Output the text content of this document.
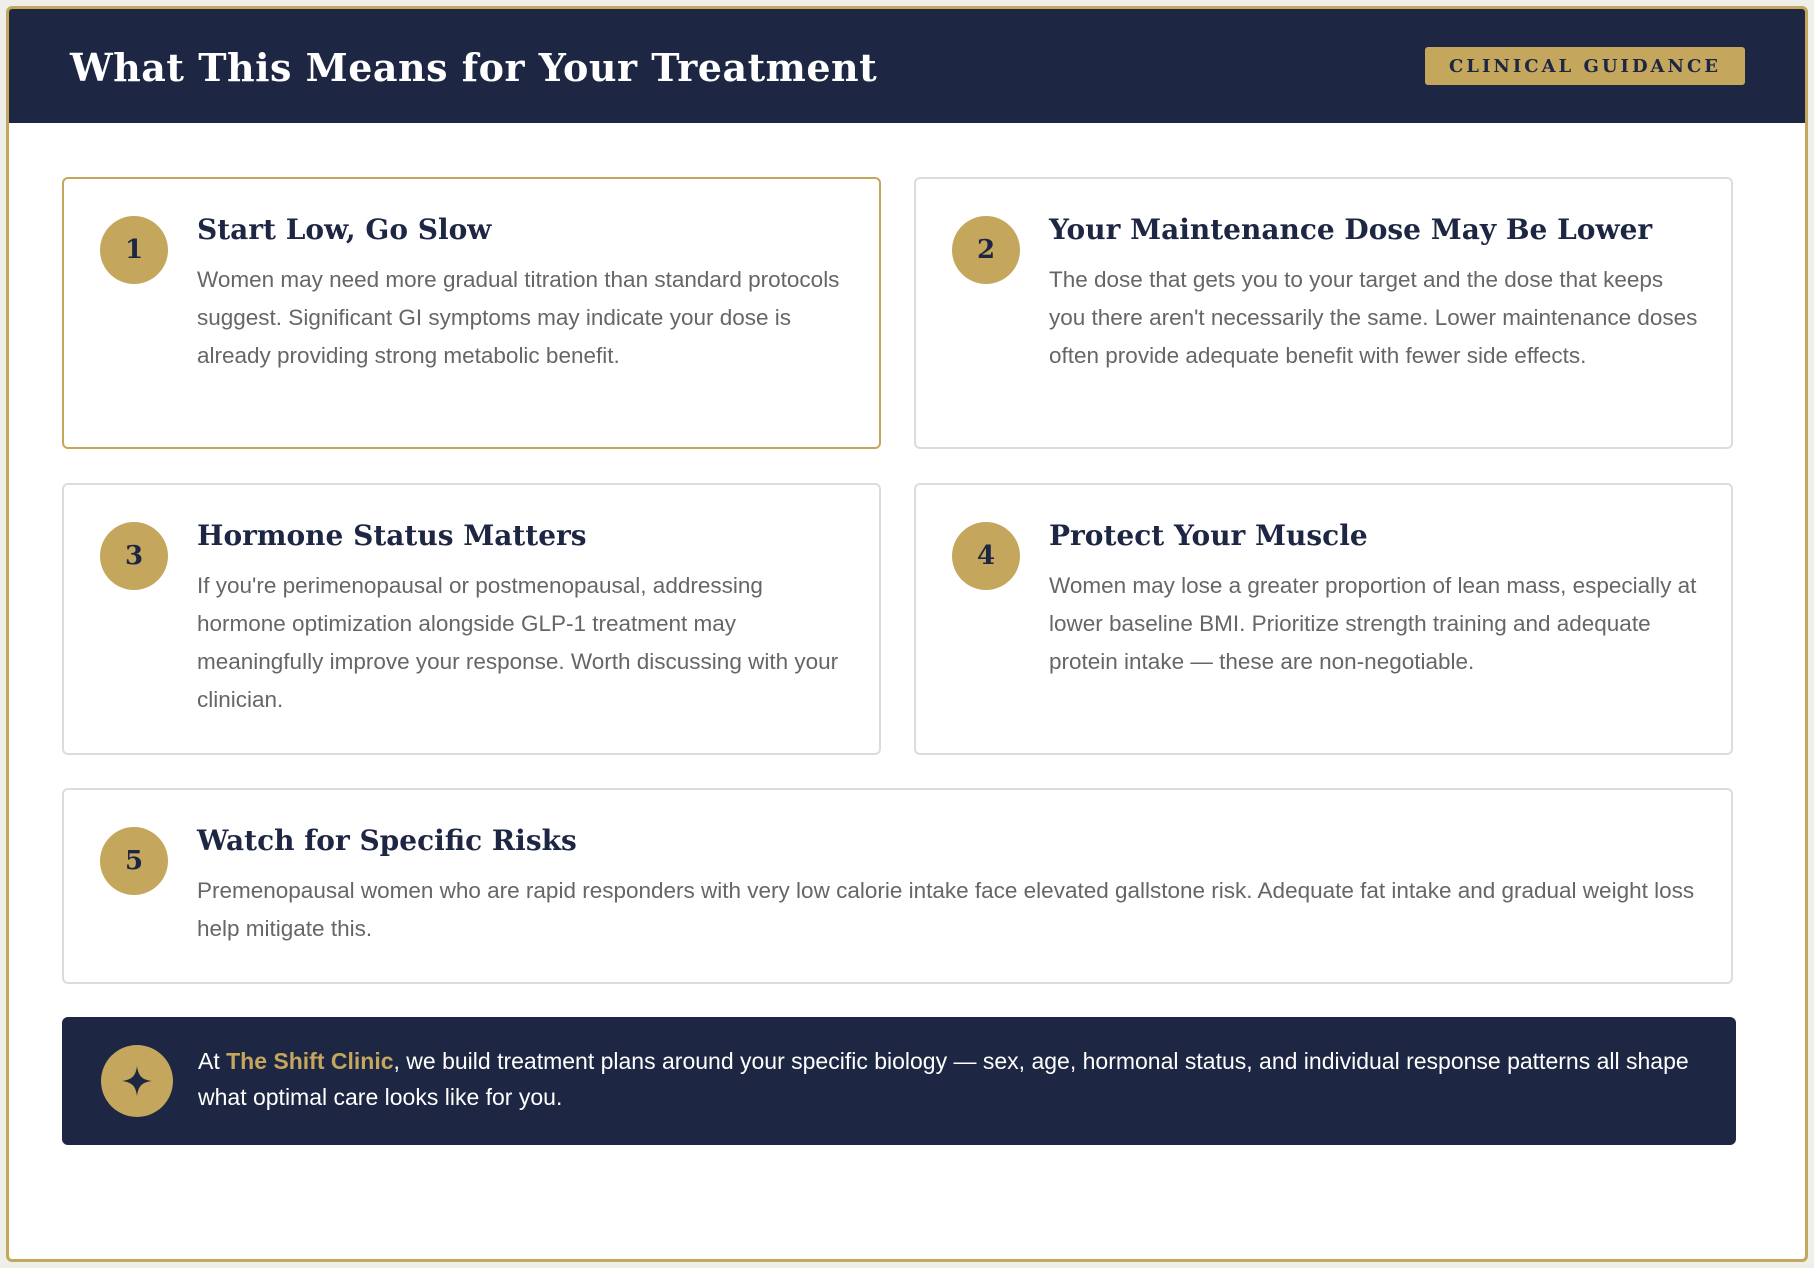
What This Means for Your Treatment	CLINICAL GUIDANCE
1
Start Low, Go Slow

Women may need more gradual titration than standard protocols suggest. Significant GI symptoms may indicate your dose is already providing strong metabolic benefit.

2
Your Maintenance Dose May Be Lower

The dose that gets you to your target and the dose that keeps you there aren't necessarily the same. Lower maintenance doses often provide adequate benefit with fewer side effects.

3
Hormone Status Matters

If you're perimenopausal or postmenopausal, addressing hormone optimization alongside GLP-1 treatment may meaningfully improve your response. Worth discussing with your clinician.

4
Protect Your Muscle

Women may lose a greater proportion of lean mass, especially at lower baseline BMI. Prioritize strength training and adequate protein intake — these are non-negotiable.

5
Watch for Specific Risks

Premenopausal women who are rapid responders with very low calorie intake face elevated gallstone risk. Adequate fat intake and gradual weight loss help mitigate this.

At The Shift Clinic, we build treatment plans around your specific biology — sex, age, hormonal status, and individual response patterns all shape what optimal care looks like for you.
